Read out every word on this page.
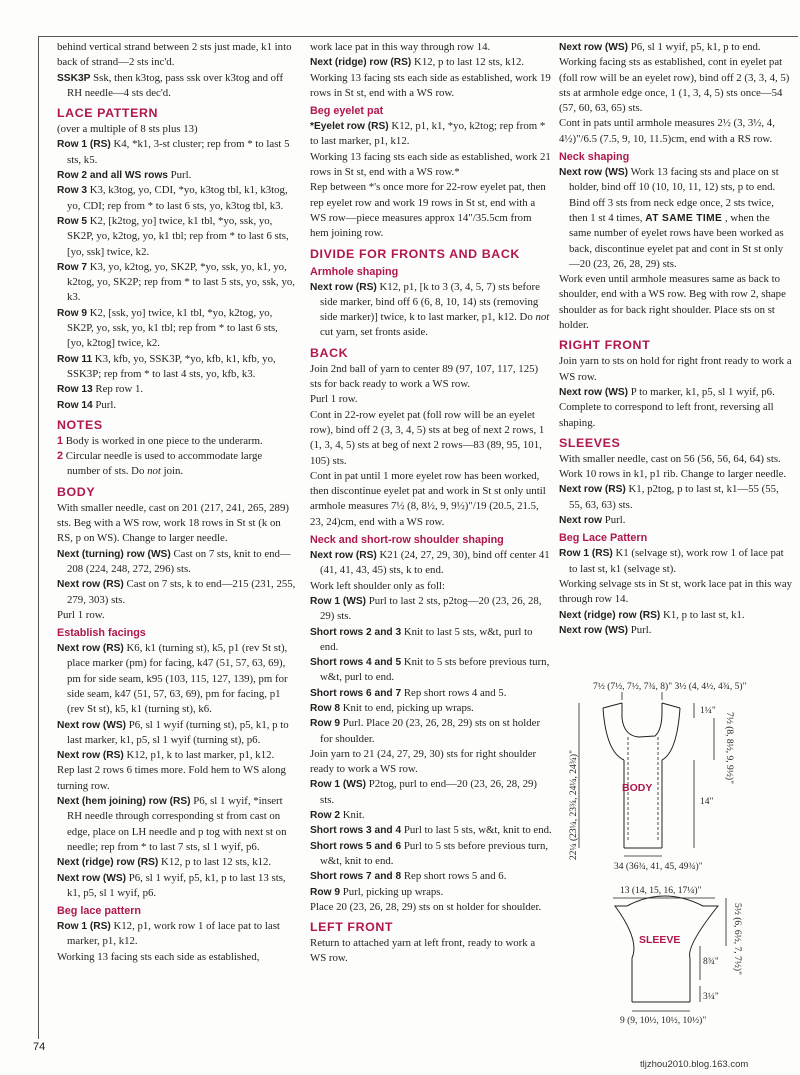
behind vertical strand between 2 sts just made, k1 into back of strand—2 sts inc'd.

SSK3P Ssk, then k3tog, pass ssk over k3tog and off RH needle—4 sts dec'd.

LACE PATTERN

(over a multiple of 8 sts plus 13)

Row 1 (RS) K4, *k1, 3-st cluster; rep from * to last 5 sts, k5.

Row 2 and all WS rows Purl.

Row 3 K3, k3tog, yo, CDI, *yo, k3tog tbl, k1, k3tog, yo, CDI; rep from * to last 6 sts, yo, k3tog tbl, k3.

Row 5 K2, [k2tog, yo] twice, k1 tbl, *yo, ssk, yo, SK2P, yo, k2tog, yo, k1 tbl; rep from * to last 6 sts, [yo, ssk] twice, k2.

Row 7 K3, yo, k2tog, yo, SK2P, *yo, ssk, yo, k1, yo, k2tog, yo, SK2P; rep from * to last 5 sts, yo, ssk, yo, k3.

Row 9 K2, [ssk, yo] twice, k1 tbl, *yo, k2tog, yo, SK2P, yo, ssk, yo, k1 tbl; rep from * to last 6 sts, [yo, k2tog] twice, k2.

Row 11 K3, kfb, yo, SSK3P, *yo, kfb, k1, kfb, yo, SSK3P; rep from * to last 4 sts, yo, kfb, k3.

Row 13 Rep row 1.

Row 14 Purl.

NOTES

1 Body is worked in one piece to the underarm.

2 Circular needle is used to accommodate large number of sts. Do not join.

BODY

With smaller needle, cast on 201 (217, 241, 265, 289) sts. Beg with a WS row, work 18 rows in St st (k on RS, p on WS). Change to larger needle.

Next (turning) row (WS) Cast on 7 sts, knit to end—208 (224, 248, 272, 296) sts.

Next row (RS) Cast on 7 sts, k to end—215 (231, 255, 279, 303) sts.

Purl 1 row.

Establish facings

Next row (RS) K6, k1 (turning st), k5, p1 (rev St st), place marker (pm) for facing, k47 (51, 57, 63, 69), pm for side seam, k95 (103, 115, 127, 139), pm for side seam, k47 (51, 57, 63, 69), pm for facing, p1 (rev St st), k5, k1 (turning st), k6.

Next row (WS) P6, sl 1 wyif (turning st), p5, k1, p to last marker, k1, p5, sl 1 wyif (turning st), p6.

Next row (RS) K12, p1, k to last marker, p1, k12.

Rep last 2 rows 6 times more. Fold hem to WS along turning row.

Next (hem joining) row (RS) P6, sl 1 wyif, *insert RH needle through corresponding st from cast on edge, place on LH needle and p tog with next st on needle; rep from * to last 7 sts, sl 1 wyif, p6.

Next (ridge) row (RS) K12, p to last 12 sts, k12.

Next row (WS) P6, sl 1 wyif, p5, k1, p to last 13 sts, k1, p5, sl 1 wyif, p6.

Beg lace pattern

Row 1 (RS) K12, p1, work row 1 of lace pat to last marker, p1, k12.

Working 13 facing sts each side as established,

work lace pat in this way through row 14.

Next (ridge) row (RS) K12, p to last 12 sts, k12.

Working 13 facing sts each side as established, work 19 rows in St st, end with a WS row.

Beg eyelet pat

*Eyelet row (RS) K12, p1, k1, *yo, k2tog; rep from * to last marker, p1, k12.

Working 13 facing sts each side as established, work 21 rows in St st, end with a WS row.*

Rep between *'s once more for 22-row eyelet pat, then rep eyelet row and work 19 rows in St st, end with a WS row—piece measures approx 14"/35.5cm from hem joining row.

DIVIDE FOR FRONTS AND BACK
Armhole shaping

Next row (RS) K12, p1, [k to 3 (3, 4, 5, 7) sts before side marker, bind off 6 (6, 8, 10, 14) sts (removing side marker)] twice, k to last marker, p1, k12. Do not cut yarn, set fronts aside.

BACK

Join 2nd ball of yarn to center 89 (97, 107, 117, 125) sts for back ready to work a WS row.

Purl 1 row.

Cont in 22-row eyelet pat (foll row will be an eyelet row), bind off 2 (3, 3, 4, 5) sts at beg of next 2 rows, 1 (1, 3, 4, 5) sts at beg of next 2 rows—83 (89, 95, 101, 105) sts.

Cont in pat until 1 more eyelet row has been worked, then discontinue eyelet pat and work in St st only until armhole measures 7½ (8, 8½, 9, 9½)"/19 (20.5, 21.5, 23, 24)cm, end with a WS row.

Neck and short-row shoulder shaping

Next row (RS) K21 (24, 27, 29, 30), bind off center 41 (41, 41, 43, 45) sts, k to end.

Work left shoulder only as foll:

Row 1 (WS) Purl to last 2 sts, p2tog—20 (23, 26, 28, 29) sts.

Short rows 2 and 3 Knit to last 5 sts, w&t, purl to end.

Short rows 4 and 5 Knit to 5 sts before previous turn, w&t, purl to end.

Short rows 6 and 7 Rep short rows 4 and 5.

Row 8 Knit to end, picking up wraps.

Row 9 Purl. Place 20 (23, 26, 28, 29) sts on st holder for shoulder.

Join yarn to 21 (24, 27, 29, 30) sts for right shoulder ready to work a WS row.

Row 1 (WS) P2tog, purl to end—20 (23, 26, 28, 29) sts.

Row 2 Knit.

Short rows 3 and 4 Purl to last 5 sts, w&t, knit to end.

Short rows 5 and 6 Purl to 5 sts before previous turn, w&t, knit to end.

Short rows 7 and 8 Rep short rows 5 and 6.

Row 9 Purl, picking up wraps.

Place 20 (23, 26, 28, 29) sts on st holder for shoulder.

LEFT FRONT

Return to attached yarn at left front, ready to work a WS row.

Next row (WS) P6, sl 1 wyif, p5, k1, p to end.

Working facing sts as established, cont in eyelet pat (foll row will be an eyelet row), bind off 2 (3, 3, 4, 5) sts at armhole edge once, 1 (1, 3, 4, 5) sts once—54 (57, 60, 63, 65) sts.

Cont in pats until armhole measures 2½ (3, 3½, 4, 4½)"/6.5 (7.5, 9, 10, 11.5)cm, end with a RS row.

Neck shaping

Next row (WS) Work 13 facing sts and place on st holder, bind off 10 (10, 10, 11, 12) sts, p to end. Bind off 3 sts from neck edge once, 2 sts twice, then 1 st 4 times, AT SAME TIME , when the same number of eyelet rows have been worked as back, discontinue eyelet pat and cont in St st only—20 (23, 26, 28, 29) sts.

Work even until armhole measures same as back to shoulder, end with a WS row. Beg with row 2, shape shoulder as for back right shoulder. Place sts on st holder.

RIGHT FRONT

Join yarn to sts on hold for right front ready to work a WS row.

Next row (WS) P to marker, k1, p5, sl 1 wyif, p6.

Complete to correspond to left front, reversing all shaping.

SLEEVES

With smaller needle, cast on 56 (56, 56, 64, 64) sts. Work 10 rows in k1, p1 rib. Change to larger needle.

Next row (RS) K1, p2tog, p to last st, k1—55 (55, 55, 63, 63) sts.

Next row Purl.

Beg Lace Pattern

Row 1 (RS) K1 (selvage st), work row 1 of lace pat to last st, k1 (selvage st).

Working selvage sts in St st, work lace pat in this way through row 14.

Next (ridge) row (RS) K1, p to last st, k1.

Next row (WS) Purl.

7½ (7½, 7½, 7¾, 8)" 3½ (4, 4½, 4¾, 5)"
BODY
1¼"
7½ (8, 8½, 9, 9½)"
14"
22¼ (23¼, 23¾, 24¼, 24¾)"
34 (36¾, 41, 45, 49¾)"
13 (14, 15, 16, 17¼)"
SLEEVE	5½ (6, 6½, 7, 7½)"
8¾"
3¼"
9 (9, 10½, 10½, 10½)"
74
tljzhou2010.blog.163.com
